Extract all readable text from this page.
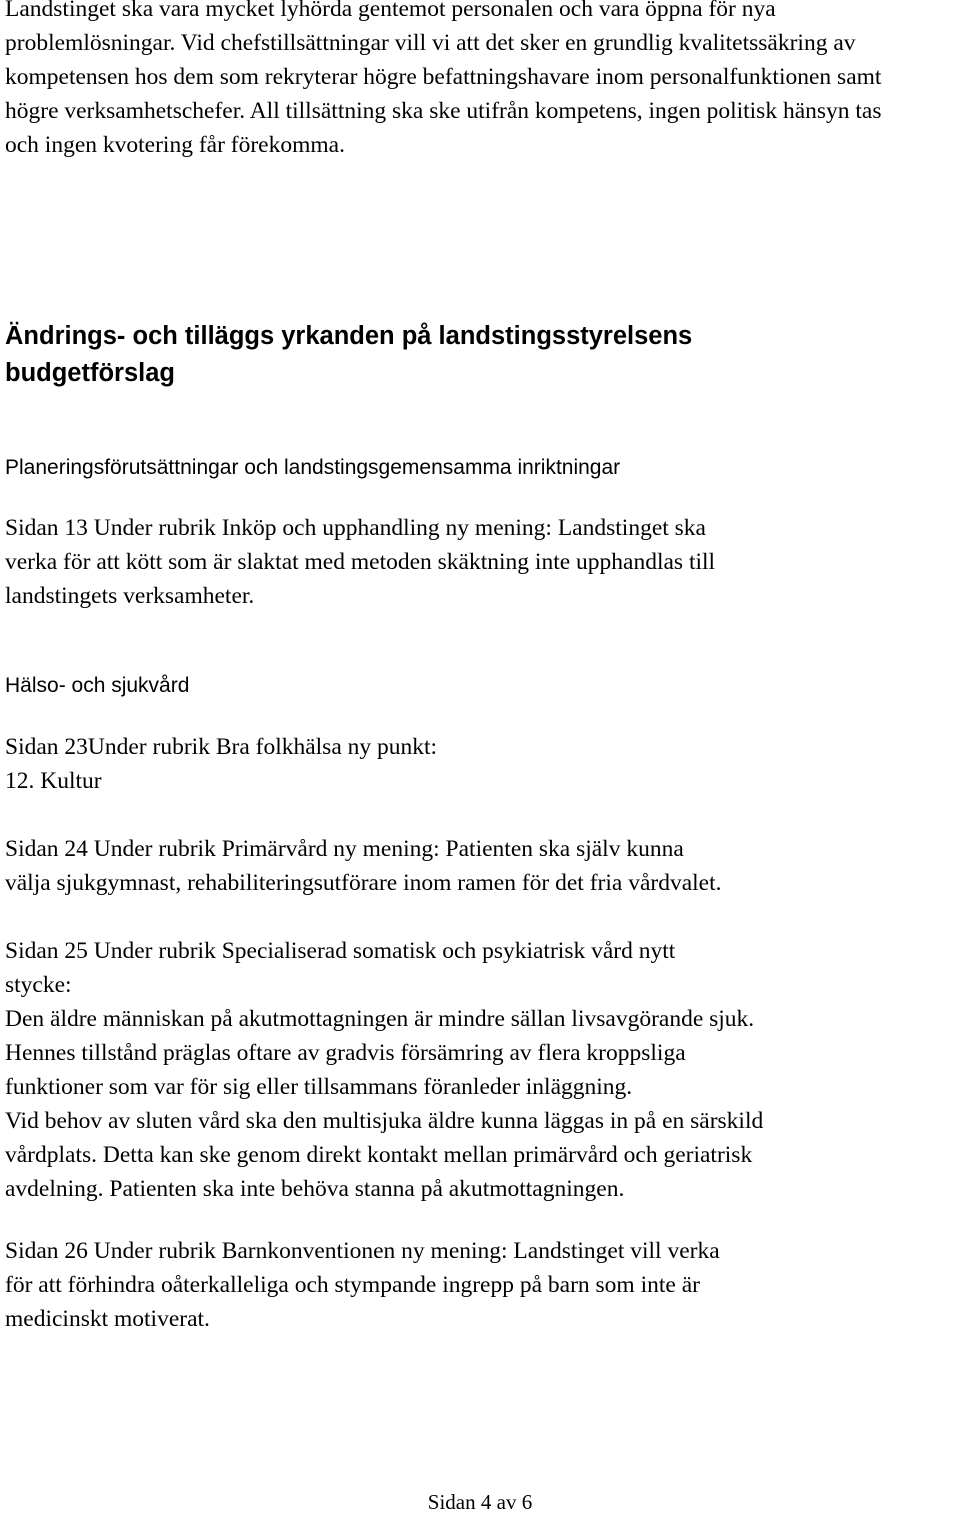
Landstinget ska vara mycket lyhörda gentemot personalen och vara öppna för nya
problemlösningar. Vid chefstillsättningar vill vi att det sker en grundlig kvalitetssäkring av
kompetensen hos dem som rekryterar högre befattningshavare inom personalfunktionen samt
högre verksamhetschefer. All tillsättning ska ske utifrån kompetens, ingen politisk hänsyn tas
och ingen kvotering får förekomma.

Ändrings- och tilläggs yrkanden på landstingsstyrelsens
budgetförslag
Planeringsförutsättningar och landstingsgemensamma inriktningar

Sidan 13 Under rubrik Inköp och upphandling ny mening: Landstinget ska
verka för att kött som är slaktat med metoden skäktning inte upphandlas till
landstingets verksamheter.

Hälso- och sjukvård

Sidan 23Under rubrik Bra folkhälsa ny punkt:
12. Kultur

Sidan 24 Under rubrik Primärvård ny mening: Patienten ska själv kunna
välja sjukgymnast, rehabiliteringsutförare inom ramen för det fria vårdvalet.

Sidan 25 Under rubrik Specialiserad somatisk och psykiatrisk vård nytt
stycke:
Den äldre människan på akutmottagningen är mindre sällan livsavgörande sjuk.
Hennes tillstånd präglas oftare av gradvis försämring av flera kroppsliga
funktioner som var för sig eller tillsammans föranleder inläggning.
Vid behov av sluten vård ska den multisjuka äldre kunna läggas in på en särskild
vårdplats. Detta kan ske genom direkt kontakt mellan primärvård och geriatrisk
avdelning. Patienten ska inte behöva stanna på akutmottagningen.

Sidan 26 Under rubrik Barnkonventionen ny mening: Landstinget vill verka
för att förhindra oåterkalleliga och stympande ingrepp på barn som inte är
medicinskt motiverat.

Sidan 4 av 6
